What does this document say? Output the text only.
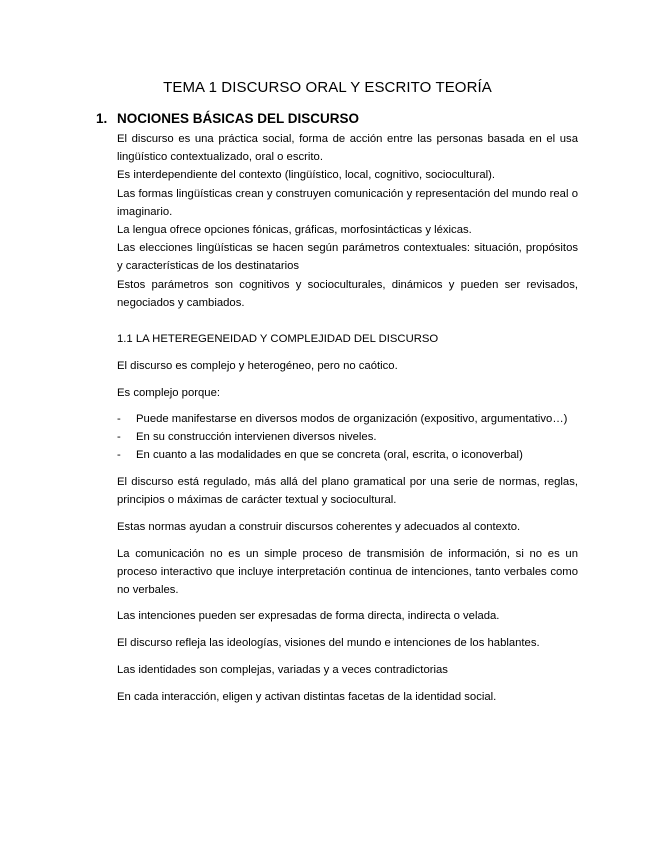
TEMA 1 DISCURSO ORAL Y ESCRITO TEORÍA
1. NOCIONES BÁSICAS DEL DISCURSO
El discurso es una práctica social, forma de acción entre las personas basada en el usa lingüístico contextualizado, oral o escrito.
Es interdependiente del contexto (lingüístico, local, cognitivo, sociocultural).
Las formas lingüísticas crean y construyen comunicación y representación del mundo real o imaginario.
La lengua ofrece opciones fónicas, gráficas, morfosintácticas y léxicas.
Las elecciones lingüísticas se hacen según parámetros contextuales: situación, propósitos y características de los destinatarios
Estos parámetros son cognitivos y socioculturales, dinámicos y pueden ser revisados, negociados y cambiados.
1.1 LA HETEREGENEIDAD Y COMPLEJIDAD DEL DISCURSO
El discurso es complejo y heterogéneo, pero no caótico.
Es complejo porque:
- Puede manifestarse en diversos modos de organización (expositivo, argumentativo…)
- En su construcción intervienen diversos niveles.
- En cuanto a las modalidades en que se concreta (oral, escrita, o iconoverbal)
El discurso está regulado, más allá del plano gramatical por una serie de normas, reglas, principios o máximas de carácter textual y sociocultural.
Estas normas ayudan a construir discursos coherentes y adecuados al contexto.
La comunicación no es un simple proceso de transmisión de información, si no es un proceso interactivo que incluye interpretación continua de intenciones, tanto verbales como no verbales.
Las intenciones pueden ser expresadas de forma directa, indirecta o velada.
El discurso refleja las ideologías, visiones del mundo e intenciones de los hablantes.
Las identidades son complejas, variadas y a veces contradictorias
En cada interacción, eligen y activan distintas facetas de la identidad social.
